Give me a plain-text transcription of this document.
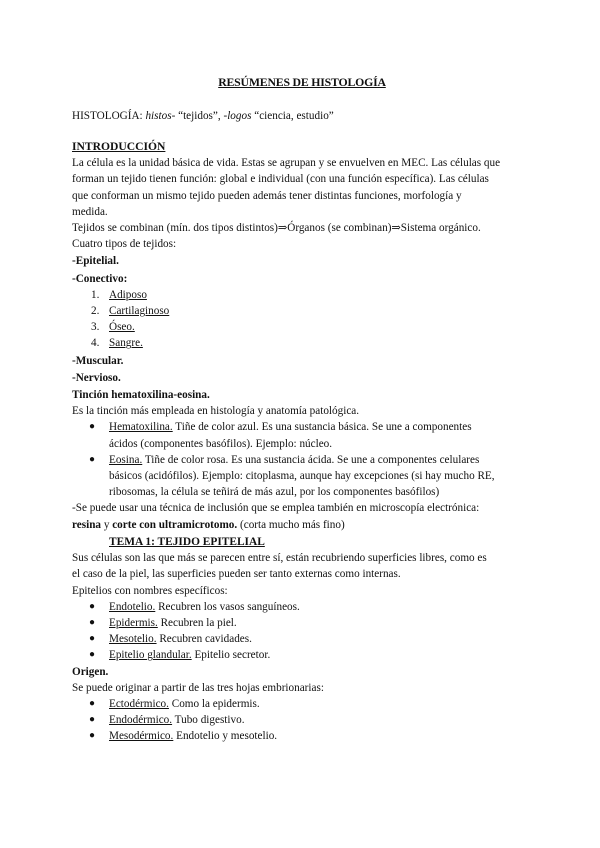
RESÚMENES DE HISTOLOGÍA
HISTOLOGÍA: histos- “tejidos”, -logos “ciencia, estudio”
INTRODUCCIÓN
La célula es la unidad básica de vida. Estas se agrupan y se envuelven en MEC. Las células que
forman un tejido tienen función: global e individual (con una función específica). Las células
que conforman un mismo tejido pueden además tener distintas funciones, morfología y
medida.
Tejidos se combinan (mín. dos tipos distintos)⇒Órganos (se combinan)⇒Sistema orgánico.
Cuatro tipos de tejidos:
-Epitelial.
-Conectivo:
1. Adiposo
2. Cartilaginoso
3. Óseo.
4. Sangre.
-Muscular.
-Nervioso.
Tinción hematoxilina-eosina.
Es la tinción más empleada en histología y anatomía patológica.
● Hematoxilina. Tiñe de color azul. Es una sustancia básica. Se une a componentes
ácidos (componentes basófilos). Ejemplo: núcleo.
● Eosina. Tiñe de color rosa. Es una sustancia ácida. Se une a componentes celulares
básicos (acidófilos). Ejemplo: citoplasma, aunque hay excepciones (si hay mucho RE,
ribosomas, la célula se teñirá de más azul, por los componentes basófilos)
-Se puede usar una técnica de inclusión que se emplea también en microscopía electrónica:
resina y corte con ultramicrotomo. (corta mucho más fino)
TEMA 1: TEJIDO EPITELIAL
Sus células son las que más se parecen entre sí, están recubriendo superficies libres, como es
el caso de la piel, las superficies pueden ser tanto externas como internas.
Epitelios con nombres específicos:
● Endotelio. Recubren los vasos sanguíneos.
● Epidermis. Recubren la piel.
● Mesotelio. Recubren cavidades.
● Epitelio glandular. Epitelio secretor.
Origen.
Se puede originar a partir de las tres hojas embrionarias:
● Ectodérmico. Como la epidermis.
● Endodérmico. Tubo digestivo.
● Mesodérmico. Endotelio y mesotelio.
